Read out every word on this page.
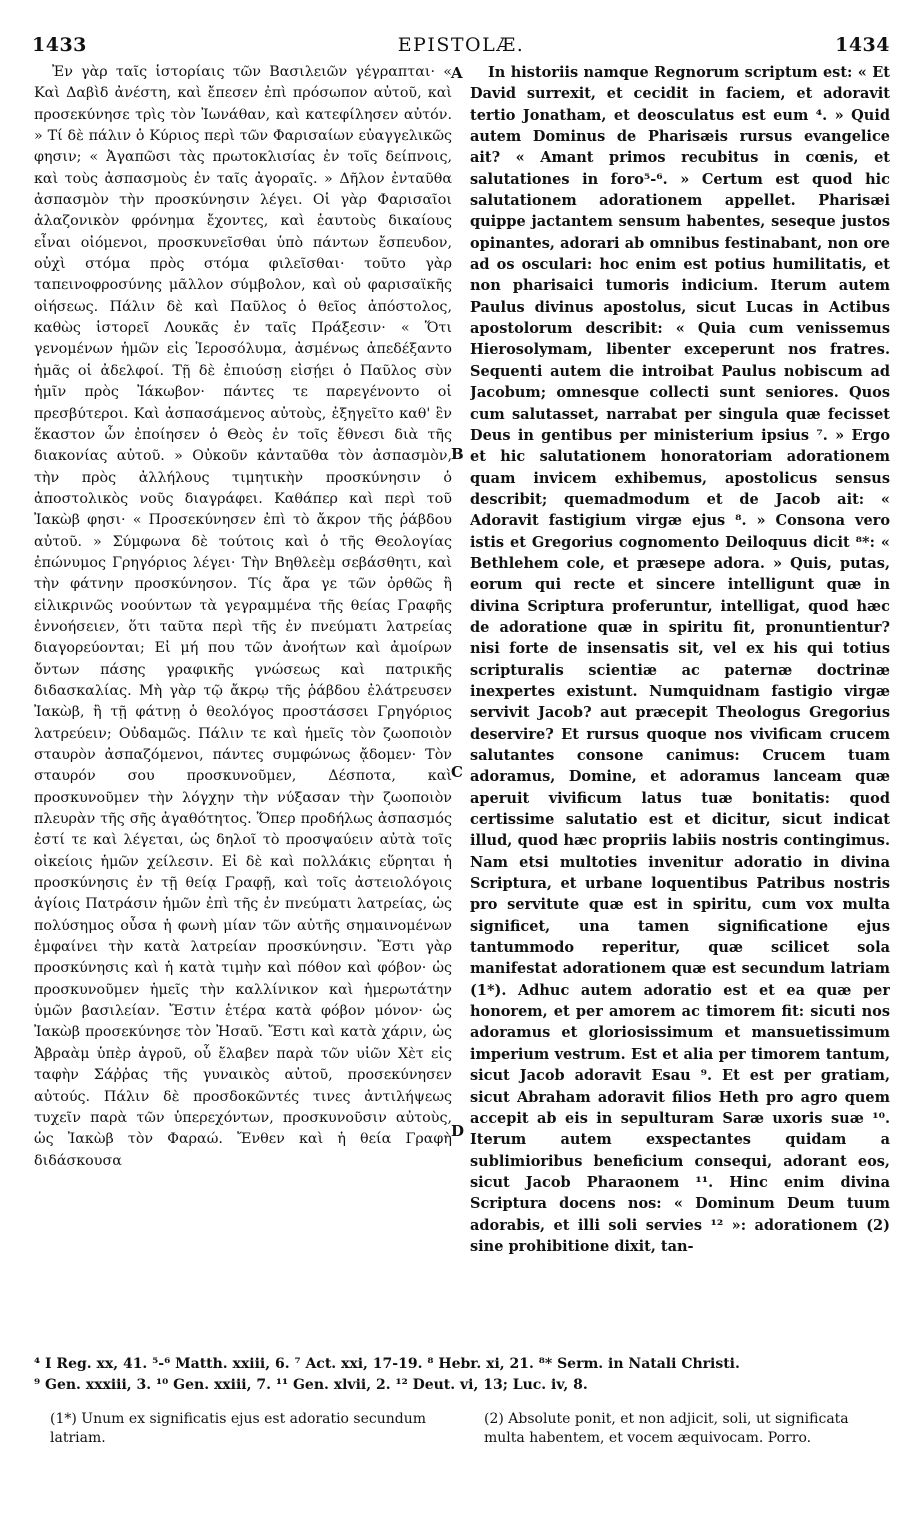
1433	EPISTOLÆ.	1434

Ἐν γὰρ ταῖς ἱστορίαις τῶν Βασιλειῶν γέγραπται· « Καὶ Δαβὶδ ἀνέστη, καὶ ἔπεσεν ἐπὶ πρόσωπον αὐτοῦ, καὶ προσεκύνησε τρὶς τὸν Ἰωνάθαν, καὶ κατεφίλησεν αὐτόν. » Τί δὲ πάλιν ὁ Κύριος περὶ τῶν Φαρισαίων εὐαγγελικῶς φησιν; « Ἀγαπῶσι τὰς πρωτοκλισίας ἐν τοῖς δείπνοις, καὶ τοὺς ἀσπασμοὺς ἐν ταῖς ἀγοραῖς. » Δῆλον ἐνταῦθα ἀσπασμὸν τὴν προσκύνησιν λέγει. Οἱ γὰρ Φαρισαῖοι ἀλαζονικὸν φρόνημα ἔχοντες, καὶ ἑαυτοὺς δικαίους εἶναι οἰόμενοι, προσκυνεῖσθαι ὑπὸ πάντων ἔσπευδον, οὐχὶ στόμα πρὸς στόμα φιλεῖσθαι· τοῦτο γὰρ ταπεινοφροσύνης μᾶλλον σύμβολον, καὶ οὐ φαρισαϊκῆς οἰήσεως. Πάλιν δὲ καὶ Παῦλος ὁ θεῖος ἀπόστολος, καθὼς ἱστορεῖ Λουκᾶς ἐν ταῖς Πράξεσιν· « Ὅτι γενομένων ἡμῶν εἰς Ἱεροσόλυμα, ἀσμένως ἀπεδέξαντο ἡμᾶς οἱ ἀδελφοί. Τῇ δὲ ἐπιούσῃ εἰσῄει ὁ Παῦλος σὺν ἡμῖν πρὸς Ἰάκωβον· πάντες τε παρεγένοντο οἱ πρεσβύτεροι. Καὶ ἀσπασάμενος αὐτοὺς, ἐξηγεῖτο καθ' ἓν ἕκαστον ὧν ἐποίησεν ὁ Θεὸς ἐν τοῖς ἔθνεσι διὰ τῆς διακονίας αὐτοῦ. » Οὐκοῦν κἀνταῦθα τὸν ἀσπασμὸν, τὴν πρὸς ἀλλήλους τιμητικὴν προσκύνησιν ὁ ἀποστολικὸς νοῦς διαγράφει. Καθάπερ καὶ περὶ τοῦ Ἰακὼβ φησι· « Προσεκύνησεν ἐπὶ τὸ ἄκρον τῆς ῥάβδου αὐτοῦ. » Σύμφωνα δὲ τούτοις καὶ ὁ τῆς Θεολογίας ἐπώνυμος Γρηγόριος λέγει· Τὴν Βηθλεὲμ σεβάσθητι, καὶ τὴν φάτνην προσκύνησον. Τίς ἄρα γε τῶν ὀρθῶς ἢ εἰλικρινῶς νοούντων τὰ γεγραμμένα τῆς θείας Γραφῆς ἐννοήσειεν, ὅτι ταῦτα περὶ τῆς ἐν πνεύματι λατρείας διαγορεύονται; Εἰ μή που τῶν ἀνοήτων καὶ ἀμοίρων ὄντων πάσης γραφικῆς γνώσεως καὶ πατρικῆς διδασκαλίας. Μὴ γὰρ τῷ ἄκρῳ τῆς ῥάβδου ἐλάτρευσεν Ἰακὼβ, ἢ τῇ φάτνῃ ὁ θεολόγος προστάσσει Γρηγόριος λατρεύειν; Οὐδαμῶς. Πάλιν τε καὶ ἡμεῖς τὸν ζωοποιὸν σταυρὸν ἀσπαζόμενοι, πάντες συμφώνως ᾄδομεν· Τὸν σταυρόν σου προσκυνοῦμεν, Δέσποτα, καὶ προσκυνοῦμεν τὴν λόγχην τὴν νύξασαν τὴν ζωοποιὸν πλευρὰν τῆς σῆς ἀγαθότητος. Ὅπερ προδήλως ἀσπασμός ἐστί τε καὶ λέγεται, ὡς δηλοῖ τὸ προσψαύειν αὐτὰ τοῖς οἰκείοις ἡμῶν χείλεσιν. Εἰ δὲ καὶ πολλάκις εὕρηται ἡ προσκύνησις ἐν τῇ θείᾳ Γραφῇ, καὶ τοῖς ἀστειολόγοις ἁγίοις Πατράσιν ἡμῶν ἐπὶ τῆς ἐν πνεύματι λατρείας, ὡς πολύσημος οὖσα ἡ φωνὴ μίαν τῶν αὐτῆς σημαινομένων ἐμφαίνει τὴν κατὰ λατρείαν προσκύνησιν. Ἔστι γὰρ προσκύνησις καὶ ἡ κατὰ τιμὴν καὶ πόθον καὶ φόβον· ὡς προσκυνοῦμεν ἡμεῖς τὴν καλλίνικον καὶ ἡμερωτάτην ὑμῶν βασιλείαν. Ἔστιν ἑτέρα κατὰ φόβον μόνον· ὡς Ἰακὼβ προσεκύνησε τὸν Ἠσαῦ. Ἔστι καὶ κατὰ χάριν, ὡς Ἀβραὰμ ὑπὲρ ἀγροῦ, οὗ ἔλαβεν παρὰ τῶν υἱῶν Χὲτ εἰς ταφὴν Σάῤῥας τῆς γυναικὸς αὐτοῦ, προσεκύνησεν αὐτούς. Πάλιν δὲ προσδοκῶντές τινες ἀντιλήψεως τυχεῖν παρὰ τῶν ὑπερεχόντων, προσκυνοῦσιν αὐτοὺς, ὡς Ἰακὼβ τὸν Φαραώ. Ἔνθεν καὶ ἡ θεία Γραφὴ διδάσκουσα

A
B
C
D

In historiis namque Regnorum scriptum est: « Et David surrexit, et cecidit in faciem, et adoravit tertio Jonatham, et deosculatus est eum ⁴. » Quid autem Dominus de Pharisæis rursus evangelice ait? « Amant primos recubitus in cœnis, et salutationes in foro⁵-⁶. » Certum est quod hic salutationem adorationem appellet. Pharisæi quippe jactantem sensum habentes, seseque justos opinantes, adorari ab omnibus festinabant, non ore ad os osculari: hoc enim est potius humilitatis, et non pharisaici tumoris indicium. Iterum autem Paulus divinus apostolus, sicut Lucas in Actibus apostolorum describit: « Quia cum venissemus Hierosolymam, libenter exceperunt nos fratres. Sequenti autem die introibat Paulus nobiscum ad Jacobum; omnesque collecti sunt seniores. Quos cum salutasset, narrabat per singula quæ fecisset Deus in gentibus per ministerium ipsius ⁷. » Ergo et hic salutationem honoratoriam adorationem quam invicem exhibemus, apostolicus sensus describit; quemadmodum et de Jacob ait: « Adoravit fastigium virgæ ejus ⁸. » Consona vero istis et Gregorius cognomento Deiloquus dicit ⁸*: « Bethlehem cole, et præsepe adora. » Quis, putas, eorum qui recte et sincere intelligunt quæ in divina Scriptura proferuntur, intelligat, quod hæc de adoratione quæ in spiritu fit, pronuntientur? nisi forte de insensatis sit, vel ex his qui totius scripturalis scientiæ ac paternæ doctrinæ inexpertes existunt. Numquidnam fastigio virgæ servivit Jacob? aut præcepit Theologus Gregorius deservire? Et rursus quoque nos vivificam crucem salutantes consone canimus: Crucem tuam adoramus, Domine, et adoramus lanceam quæ aperuit vivificum latus tuæ bonitatis: quod certissime salutatio est et dicitur, sicut indicat illud, quod hæc propriis labiis nostris contingimus. Nam etsi multoties invenitur adoratio in divina Scriptura, et urbane loquentibus Patribus nostris pro servitute quæ est in spiritu, cum vox multa significet, una tamen significatione ejus tantummodo reperitur, quæ scilicet sola manifestat adorationem quæ est secundum latriam (1*). Adhuc autem adoratio est et ea quæ per honorem, et per amorem ac timorem fit: sicuti nos adoramus et gloriosissimum et mansuetissimum imperium vestrum. Est et alia per timorem tantum, sicut Jacob adoravit Esau ⁹. Et est per gratiam, sicut Abraham adoravit filios Heth pro agro quem accepit ab eis in sepulturam Saræ uxoris suæ ¹⁰. Iterum autem exspectantes quidam a sublimioribus beneficium consequi, adorant eos, sicut Jacob Pharaonem ¹¹. Hinc enim divina Scriptura docens nos: « Dominum Deum tuum adorabis, et illi soli servies ¹² »: adorationem (2) sine prohibitione dixit, tan-

⁴ I Reg. xx, 41. ⁵-⁶ Matth. xxiii, 6. ⁷ Act. xxi, 17-19. ⁸ Hebr. xi, 21. ⁸* Serm. in Natali Christi.
⁹ Gen. xxxiii, 3. ¹⁰ Gen. xxiii, 7. ¹¹ Gen. xlvii, 2. ¹² Deut. vi, 13; Luc. iv, 8.
(1*) Unum ex significatis ejus est adoratio secundum latriam.
(2) Absolute ponit, et non adjicit, soli, ut significata multa habentem, et vocem æquivocam. Porro.
